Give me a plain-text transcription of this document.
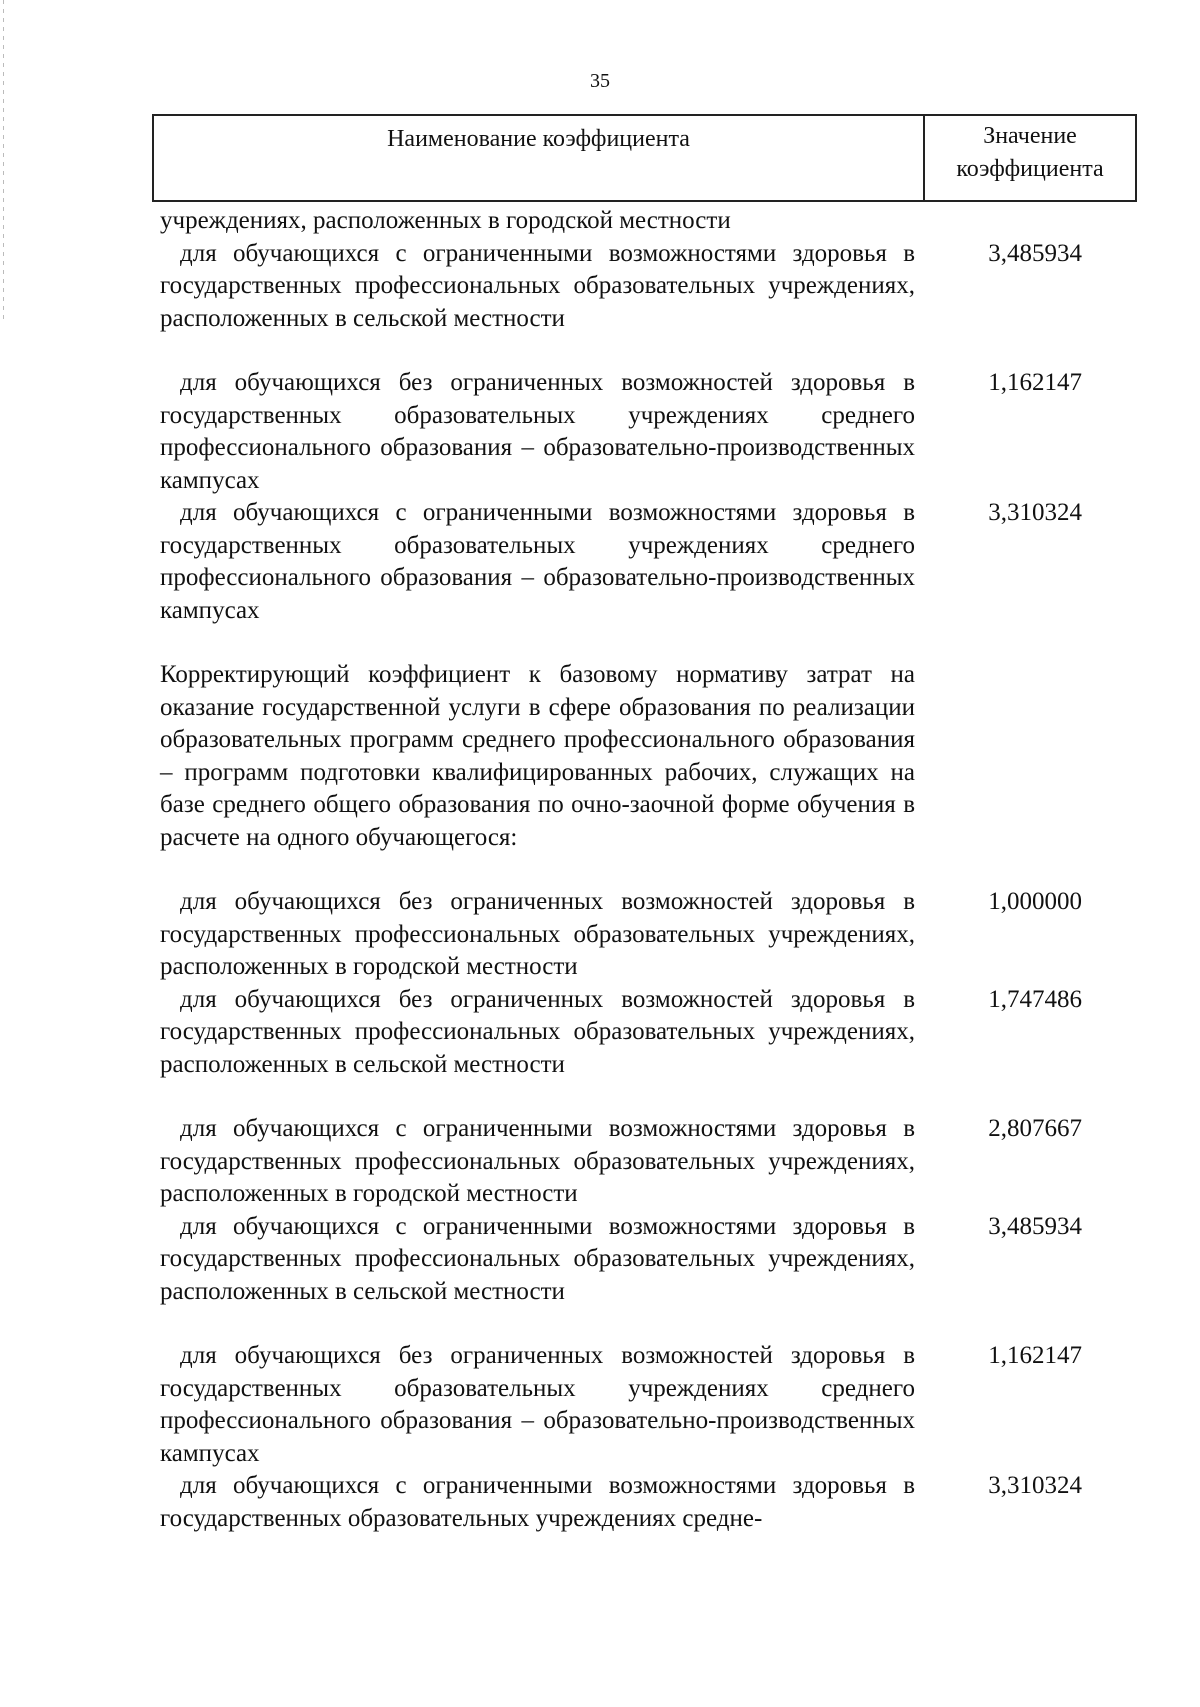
35
Наименование коэффициента	Значение
коэффициента
учреждениях, расположенных в городской местности
для обучающихся с ограниченными возможностями здоровья в государственных профессиональных образовательных учреждениях, расположенных в сельской местности
3,485934
для обучающихся без ограниченных возможностей здоровья в государственных образовательных учреждениях среднего профессионального образования – образовательно-производственных кампусах
1,162147
для обучающихся с ограниченными возможностями здоровья в государственных образовательных учреждениях среднего профессионального образования – образовательно-производственных кампусах
3,310324
Корректирующий коэффициент к базовому нормативу затрат на оказание государственной услуги в сфере образования по реализации образовательных программ среднего профессионального образования – программ подготовки квалифицированных рабочих, служащих на базе среднего общего образования по очно-заочной форме обучения в расчете на одного обучающегося:
для обучающихся без ограниченных возможностей здоровья в государственных профессиональных образовательных учреждениях, расположенных в городской местности
1,000000
для обучающихся без ограниченных возможностей здоровья в государственных профессиональных образовательных учреждениях, расположенных в сельской местности
1,747486
для обучающихся с ограниченными возможностями здоровья в государственных профессиональных образовательных учреждениях, расположенных в городской местности
2,807667
для обучающихся с ограниченными возможностями здоровья в государственных профессиональных образовательных учреждениях, расположенных в сельской местности
3,485934
для обучающихся без ограниченных возможностей здоровья в государственных образовательных учреждениях среднего профессионального образования – образовательно-производственных кампусах
1,162147
для обучающихся с ограниченными возможностями здоровья в государственных образовательных учреждениях средне-
3,310324
